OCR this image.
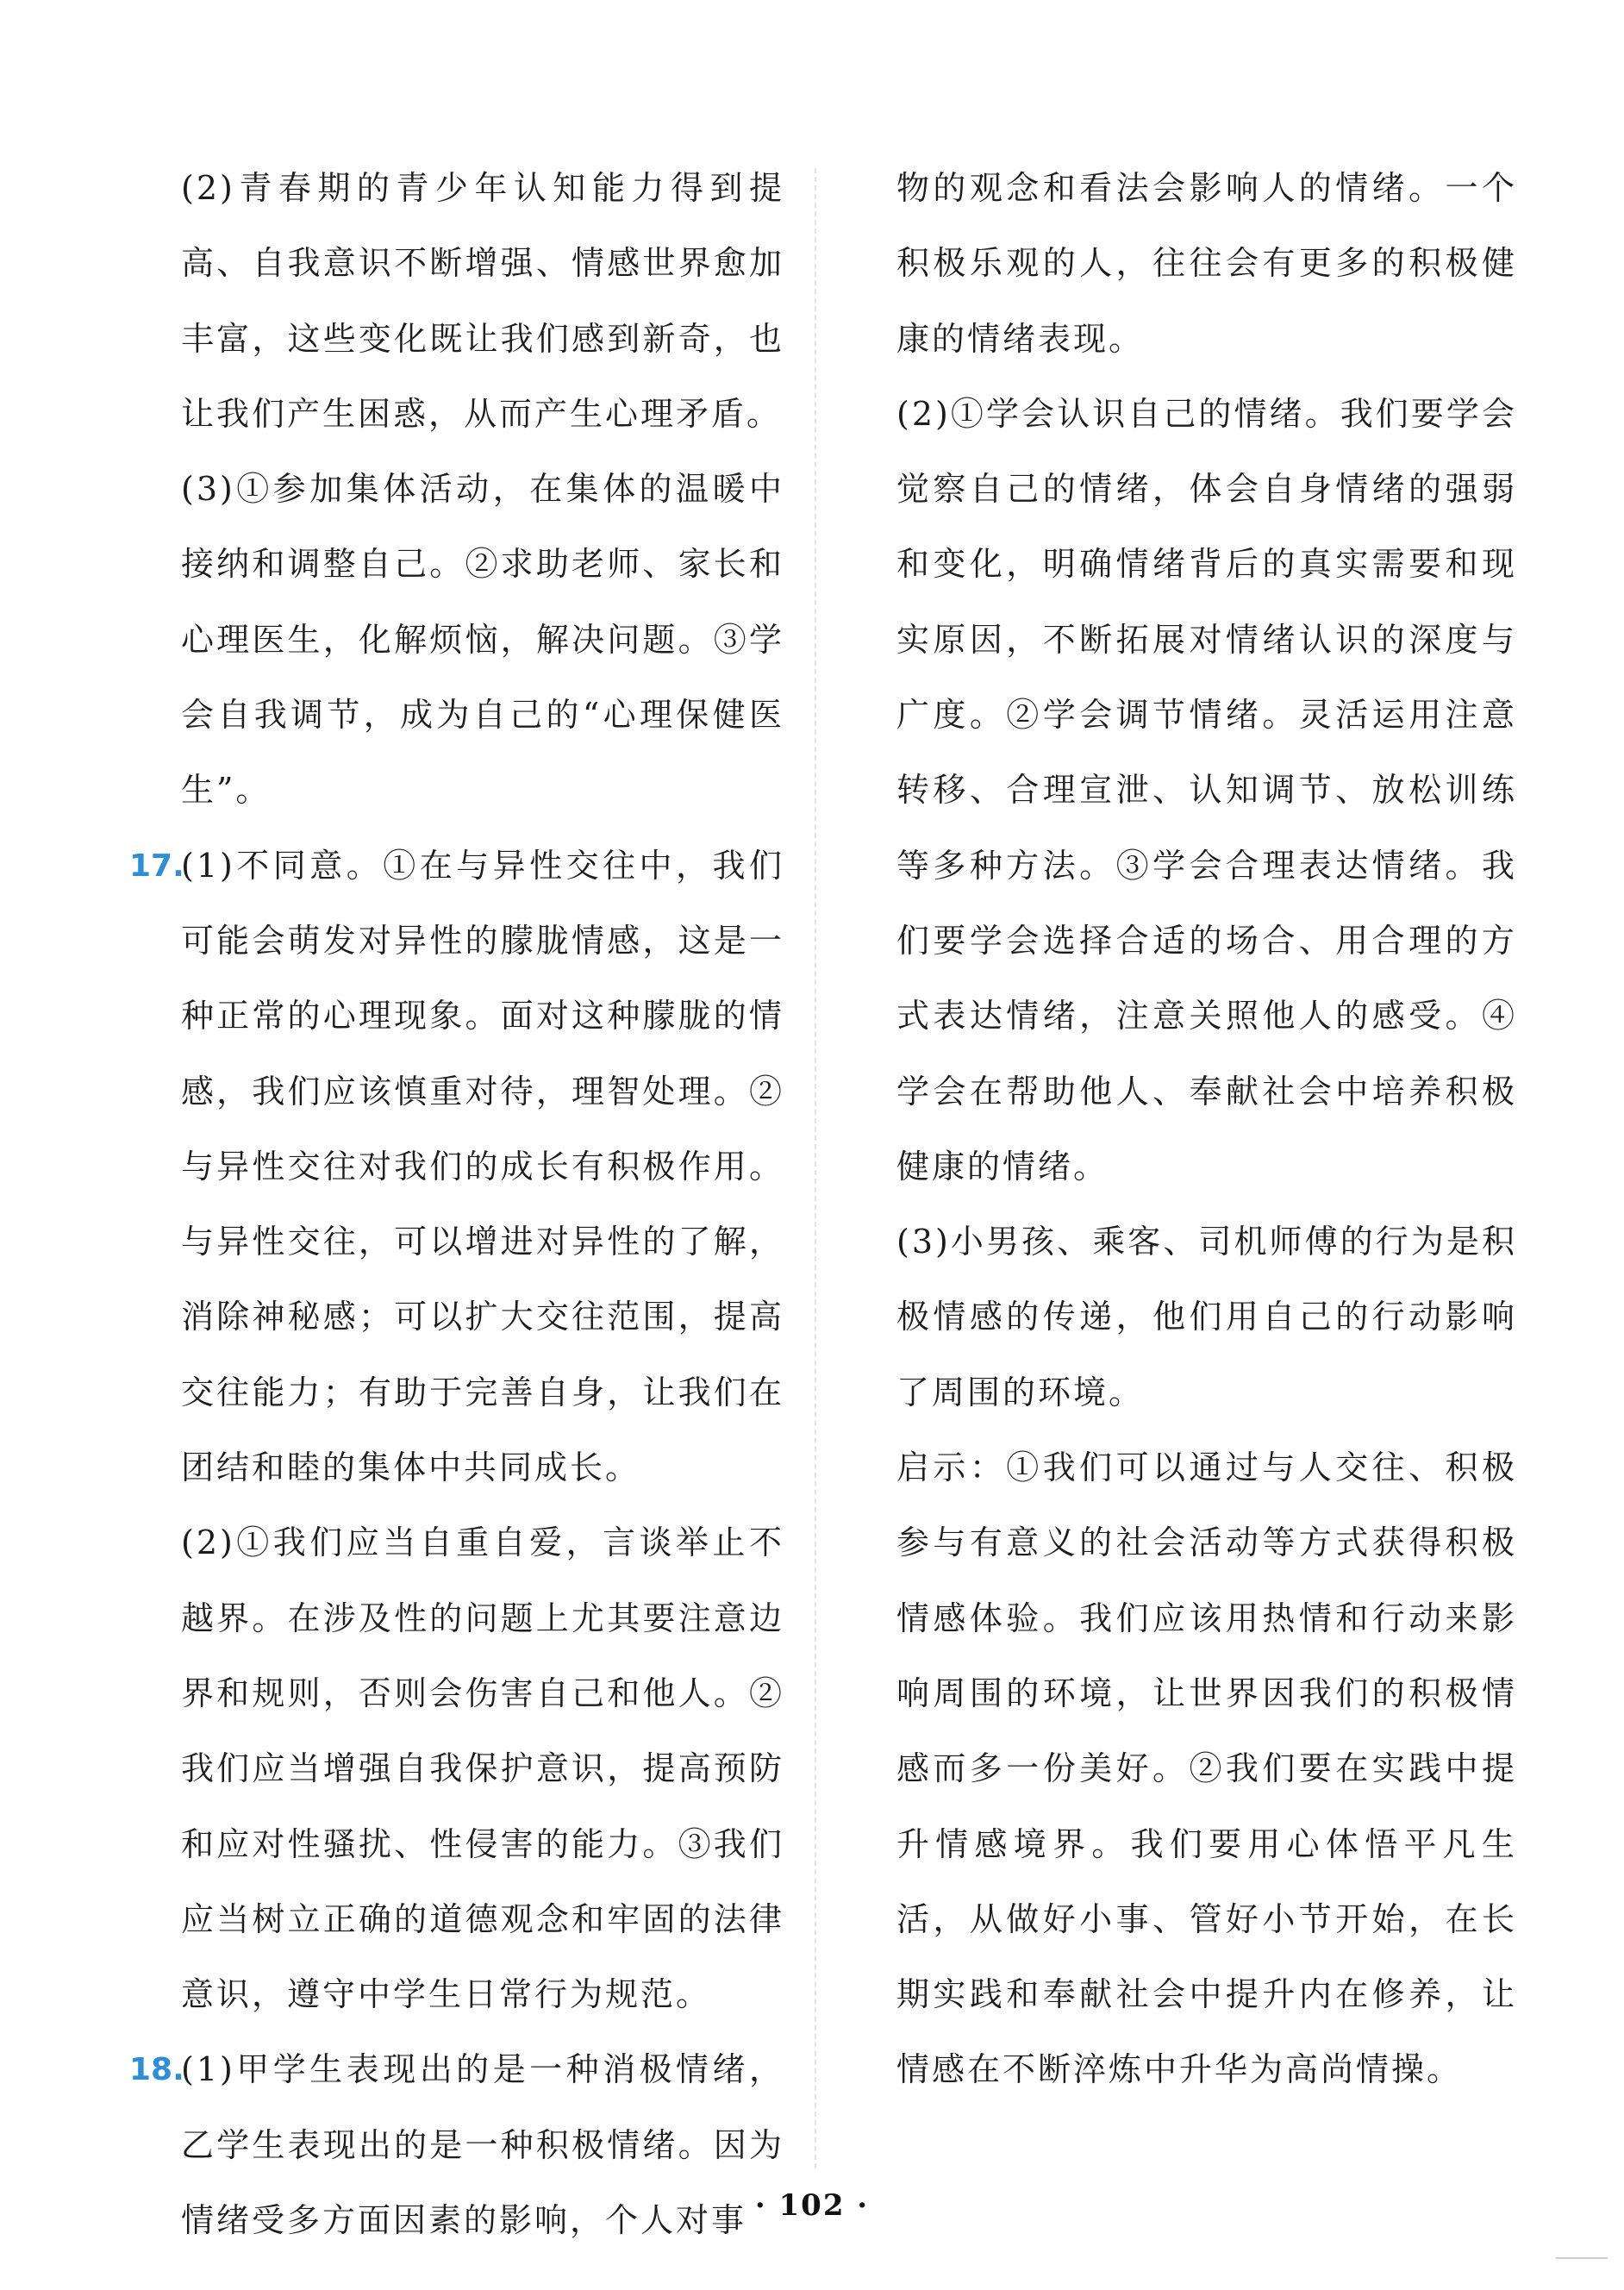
(2)青春期的青少年认知能力得到提高、自我意识不断增强、情感世界愈加丰富，这些变化既让我们感到新奇，也让我们产生困惑，从而产生心理矛盾。

(3)①参加集体活动，在集体的温暖中接纳和调整自己。②求助老师、家长和心理医生，化解烦恼，解决问题。③学会自我调节，成为自己的“心理保健医生”。

17.
(1)不同意。①在与异性交往中，我们可能会萌发对异性的朦胧情感，这是一种正常的心理现象。面对这种朦胧的情感，我们应该慎重对待，理智处理。②与异性交往对我们的成长有积极作用。与异性交往，可以增进对异性的了解，消除神秘感；可以扩大交往范围，提高交往能力；有助于完善自身，让我们在团结和睦的集体中共同成长。

(2)①我们应当自重自爱，言谈举止不越界。在涉及性的问题上尤其要注意边界和规则，否则会伤害自己和他人。②我们应当增强自我保护意识，提高预防和应对性骚扰、性侵害的能力。③我们应当树立正确的道德观念和牢固的法律意识，遵守中学生日常行为规范。

18.
(1)甲学生表现出的是一种消极情绪，乙学生表现出的是一种积极情绪。因为情绪受多方面因素的影响，个人对事

物的观念和看法会影响人的情绪。一个积极乐观的人，往往会有更多的积极健康的情绪表现。

(2)①学会认识自己的情绪。我们要学会觉察自己的情绪，体会自身情绪的强弱和变化，明确情绪背后的真实需要和现实原因，不断拓展对情绪认识的深度与广度。②学会调节情绪。灵活运用注意转移、合理宣泄、认知调节、放松训练等多种方法。③学会合理表达情绪。我们要学会选择合适的场合、用合理的方式表达情绪，注意关照他人的感受。④学会在帮助他人、奉献社会中培养积极健康的情绪。

(3)小男孩、乘客、司机师傅的行为是积极情感的传递，他们用自己的行动影响了周围的环境。

启示：①我们可以通过与人交往、积极参与有意义的社会活动等方式获得积极情感体验。我们应该用热情和行动来影响周围的环境，让世界因我们的积极情感而多一份美好。②我们要在实践中提升情感境界。我们要用心体悟平凡生活，从做好小事、管好小节开始，在长期实践和奉献社会中提升内在修养，让情感在不断淬炼中升华为高尚情操。

· 102 ·
